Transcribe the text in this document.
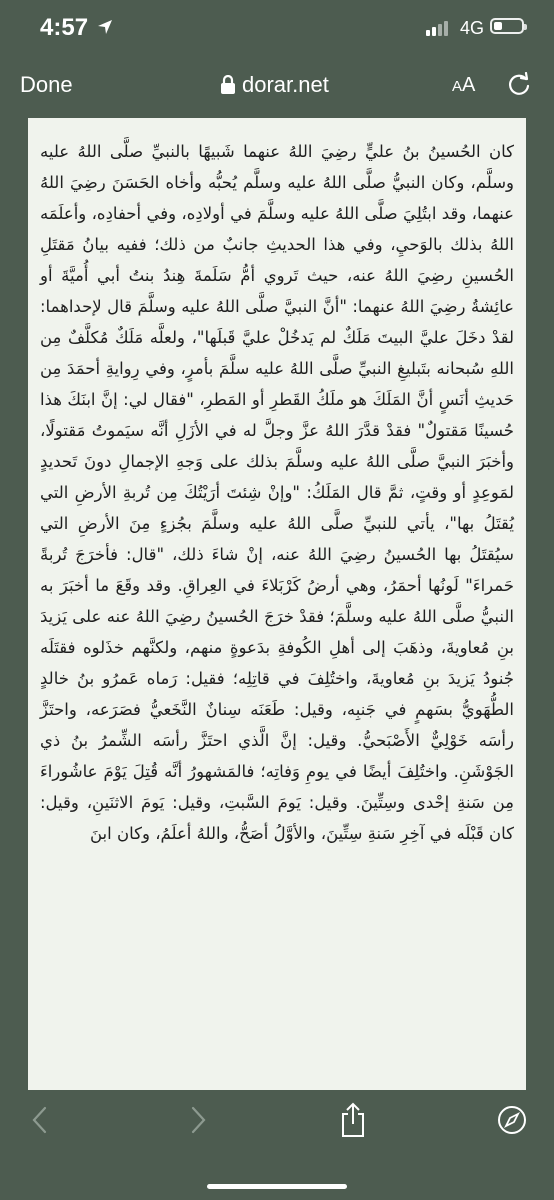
4:57	4G
Done	dorar.net	AA

كان الحُسينُ بنُ عليٍّ رضِيَ اللهُ عنهما شَبيهًا بالنبيِّ صلَّى اللهُ عليه وسلَّم، وكان النبيُّ صلَّى اللهُ عليه وسلَّم يُحبُّه وأخاه الحَسَنَ رضِيَ اللهُ عنهما، وقد ابتُلِيَ صلَّى اللهُ عليه وسلَّمَ في أولادِه، وفي أحفادِه، وأعلَمَه اللهُ بذلك بالوَحيِ، وفي هذا الحديثِ جانبٌ من ذلك؛ ففيه بيانُ مَقتَلِ الحُسينِ رضِيَ اللهُ عنه، حيث تَروي أمُّ سَلَمةَ هِندُ بنتُ أبي أُميَّةَ أو عائِشةُ رضِيَ اللهُ عنهما: "أنَّ النبيَّ صلَّى اللهُ عليه وسلَّمَ قال لإحداهما: لقدْ دخَلَ عليَّ البيتَ مَلَكٌ لم يَدخُلْ عليَّ قَبلَها"، ولعلَّه مَلَكٌ مُكلَّفٌ مِن اللهِ سُبحانه بتَبليغِ النبيِّ صلَّى اللهُ عليه سلَّمَ بأمرٍ، وفي رِوايةِ أحمَدَ مِن حَديثِ أنَسٍ أنَّ المَلَكَ هو ملَكُ القَطرِ أو المَطرِ، "فقال لي: إنَّ ابنَكَ هذا حُسينًا مَقتولٌ" فقدْ قدَّرَ اللهُ عزَّ وجلَّ له في الأزَلِ أنَّه سيَموتُ مَقتولًا، وأخبَرَ النبيَّ صلَّى اللهُ عليه وسلَّمَ بذلك على وَجهِ الإجمالِ دونَ تَحديدٍ لمَوعِدٍ أو وقتٍ، ثمَّ قال المَلَكُ: "وإنْ شِئتَ أرَيْتُكَ مِن تُربةِ الأرضِ التي يُقتَلُ بها"، يأتي للنبيِّ صلَّى اللهُ عليه وسلَّمَ بجُزءٍ مِنَ الأرضِ التي سيُقتَلُ بها الحُسينُ رضِيَ اللهُ عنه، إنْ شاءَ ذلك، "قال: فأخرَجَ تُربةً حَمراءَ" لَونُها أحمَرُ، وهي أرضُ كَرْبَلاءَ في العِراقِ. وقد وقَعَ ما أخبَرَ به النبيُّ صلَّى اللهُ عليه وسلَّمَ؛ فقدْ خرَجَ الحُسينُ رضِيَ اللهُ عنه على يَزيدَ بنِ مُعاويةَ، وذهَبَ إلى أهلِ الكُوفةِ بدَعوةٍ منهم، ولكنَّهم خذَلوه فقتَلَه جُنودُ يَزيدَ بنِ مُعاويةَ، واختُلِفَ في قاتِلِه؛ فقيل: رَماه عَمرُو بنُ خالدٍ الطُّهَويُّ بسَهمٍ في جَنبِه، وقيل: طَعَنَه سِنانٌ النَّخَعيُّ فصَرَعه، واحتَزَّ رأسَه خَوْلِيٌّ الأَصْبَحيُّ. وقيل: إنَّ الَّذي احتَزَّ رأسَه الشِّمرُ بنُ ذي الجَوْشَنِ. واختُلِفَ أيضًا في يومِ وَفاتِه؛ فالمَشهورُ أنَّه قُتِلَ يَوْمَ عاشُوراءَ مِن سَنةِ إحْدى وسِتِّينَ. وقيل: يَومَ السَّبتِ، وقيل: يَومَ الاثنَينِ، وقيل: كان قَبْلَه في آخِرِ سَنةِ سِتِّينَ، والأوَّلُ أصَحُّ، واللهُ أعلَمُ، وكان ابنَ
